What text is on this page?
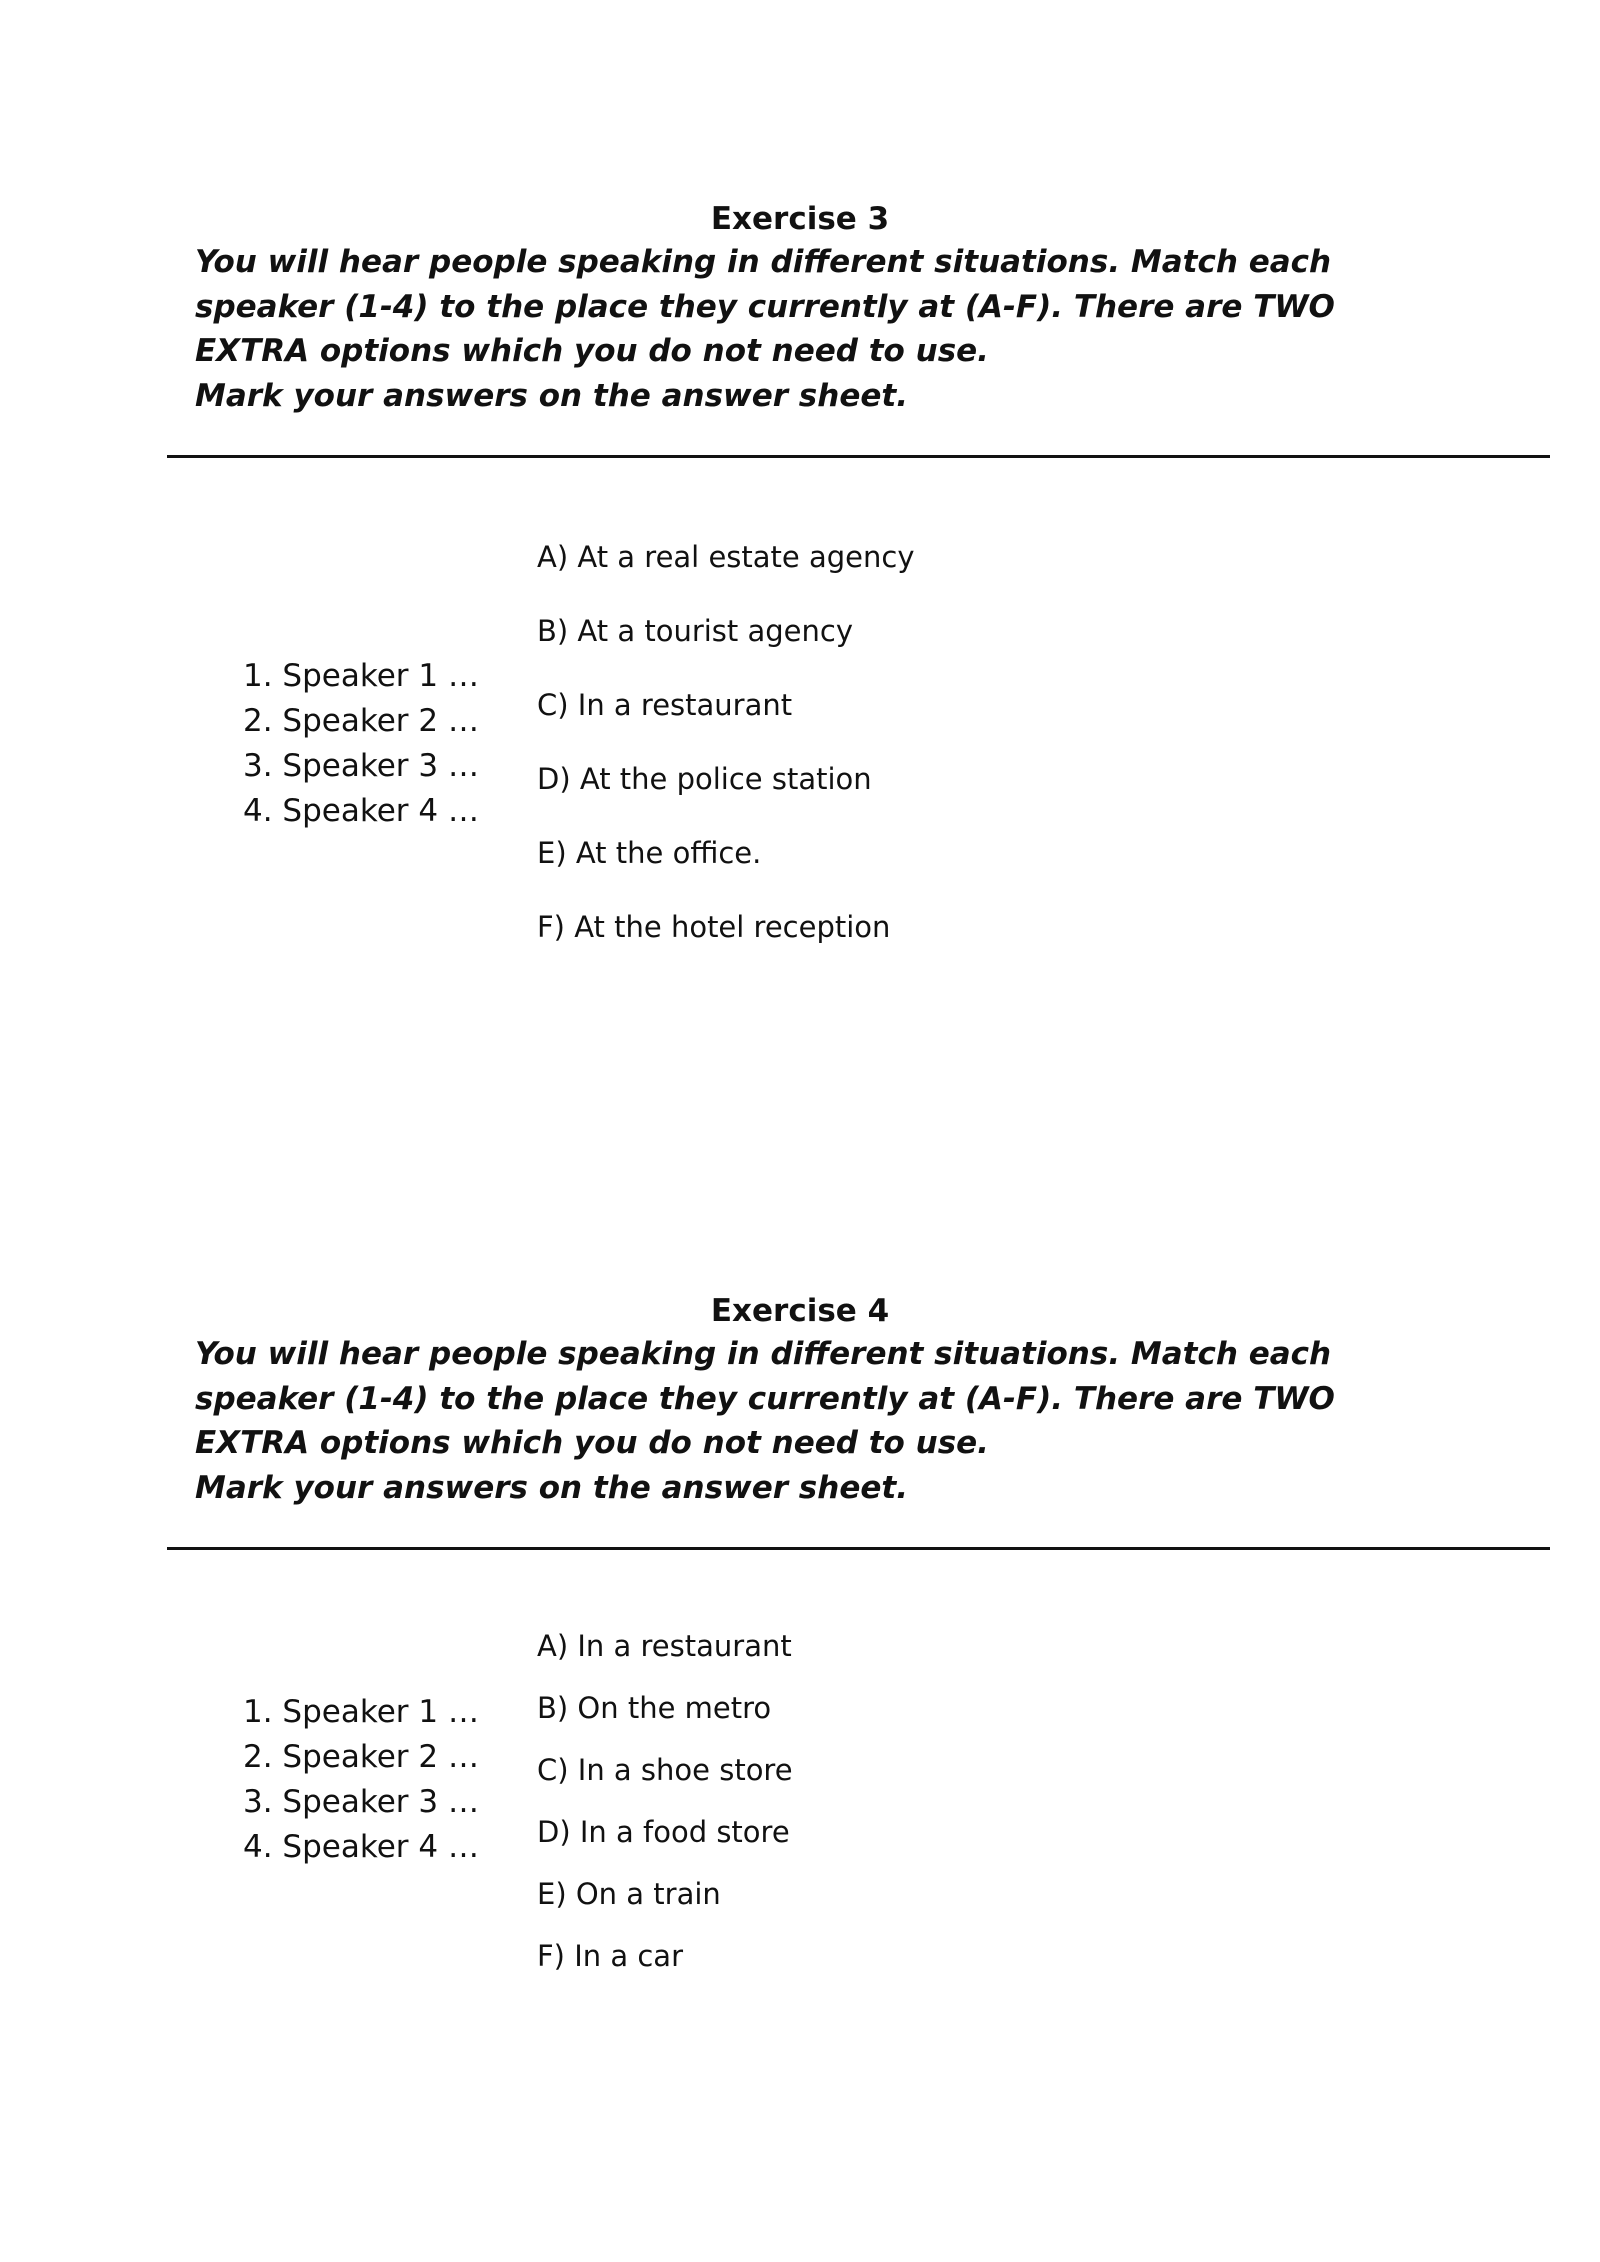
Exercise 3

You will hear people speaking in different situations. Match each speaker (1-4) to the place they currently at (A-F). There are TWO EXTRA options which you do not need to use.

Mark your answers on the answer sheet.

1. Speaker 1 …
2. Speaker 2 …
3. Speaker 3 …
4. Speaker 4 …
A) At a real estate agency
B) At a tourist agency
C) In a restaurant
D) At the police station
E) At the office.
F) At the hotel reception
Exercise 4

You will hear people speaking in different situations. Match each speaker (1-4) to the place they currently at (A-F). There are TWO EXTRA options which you do not need to use.

Mark your answers on the answer sheet.

1. Speaker 1 …
2. Speaker 2 …
3. Speaker 3 …
4. Speaker 4 …
A) In a restaurant
B) On the metro
C) In a shoe store
D) In a food store
E) On a train
F) In a car
